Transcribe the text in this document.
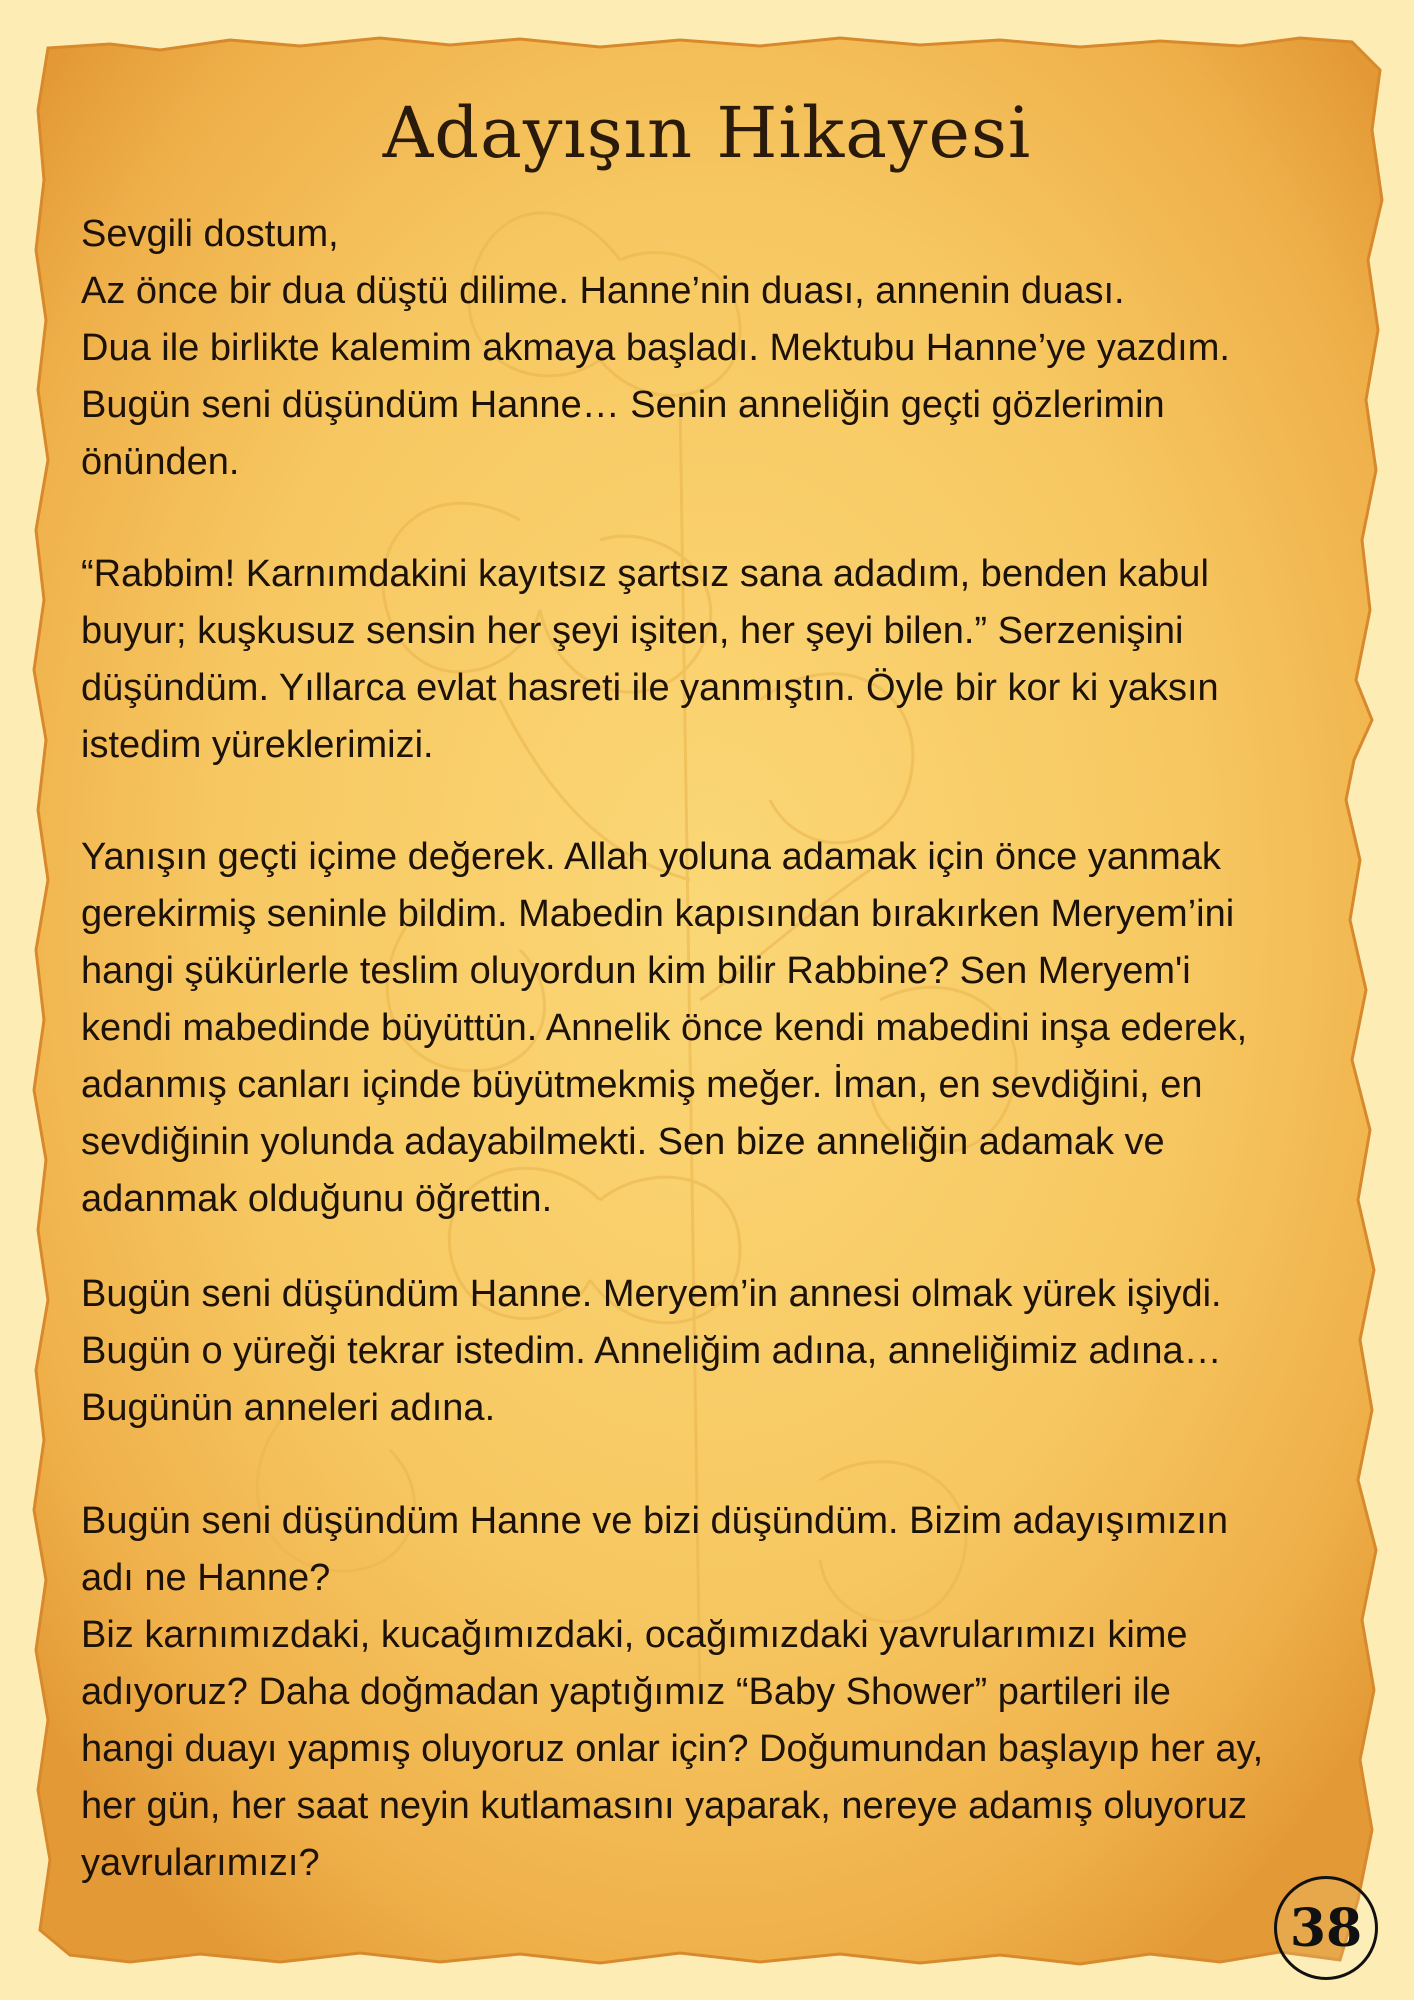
Adayışın Hikayesi

Sevgili dostum,

Az önce bir dua düştü dilime. Hanne’nin duası, annenin duası.

Dua ile birlikte kalemim akmaya başladı. Mektubu Hanne’ye yazdım.

Bugün seni düşündüm Hanne… Senin anneliğin geçti gözlerimin

önünden.

“Rabbim! Karnımdakini kayıtsız şartsız sana adadım, benden kabul

buyur; kuşkusuz sensin her şeyi işiten, her şeyi bilen.” Serzenişini

düşündüm. Yıllarca evlat hasreti ile yanmıştın. Öyle bir kor ki yaksın

istedim yüreklerimizi.

Yanışın geçti içime değerek. Allah yoluna adamak için önce yanmak

gerekirmiş seninle bildim. Mabedin kapısından bırakırken Meryem’ini

hangi şükürlerle teslim oluyordun kim bilir Rabbine? Sen Meryem'i

kendi mabedinde büyüttün. Annelik önce kendi mabedini inşa ederek,

adanmış canları içinde büyütmekmiş meğer. İman, en sevdiğini, en

sevdiğinin yolunda adayabilmekti. Sen bize anneliğin adamak ve

adanmak olduğunu öğrettin.

Bugün seni düşündüm Hanne. Meryem’in annesi olmak yürek işiydi.

Bugün o yüreği tekrar istedim. Anneliğim adına, anneliğimiz adına…

Bugünün anneleri adına.

Bugün seni düşündüm Hanne ve bizi düşündüm. Bizim adayışımızın

adı ne Hanne?

Biz karnımızdaki, kucağımızdaki, ocağımızdaki yavrularımızı kime

adıyoruz? Daha doğmadan yaptığımız “Baby Shower” partileri ile

hangi duayı yapmış oluyoruz onlar için? Doğumundan başlayıp her ay,

her gün, her saat neyin kutlamasını yaparak, nereye adamış oluyoruz

yavrularımızı?

38
